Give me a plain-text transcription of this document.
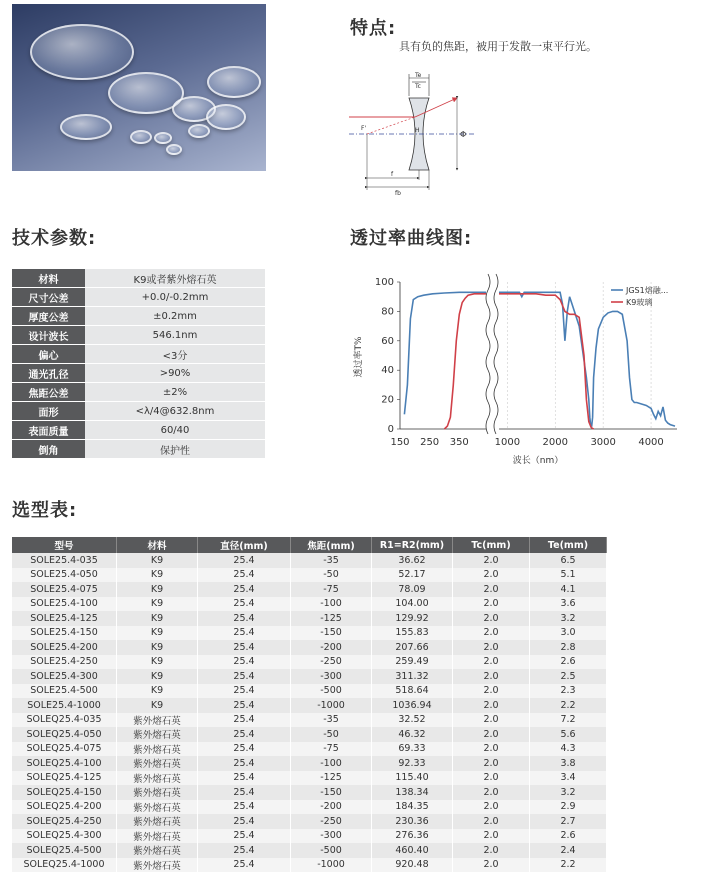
特点:
具有负的焦距，被用于发散一束平行光。
Te
Tc
Φ
F'	H
f
fb
技术参数:
材料	K9或者紫外熔石英
尺寸公差	+0.0/-0.2mm
厚度公差	±0.2mm
设计波长	546.1nm
偏心	<3分
通光孔径	>90%
焦距公差	±2%
面形	<λ/4@632.8nm
表面质量	60/40
倒角	保护性
透过率曲线图:
0
20
40
60
80
100
150 250 350	1000 2000 3000 4000
JGS1熔融...
K9玻璃
波长（nm）
透过率T%
选型表:
型号	材料	直径(mm)	焦距(mm)	R1=R2(mm)	Tc(mm)	Te(mm)
SOLE25.4-035	K9	25.4	-35	36.62	2.0	6.5
SOLE25.4-050	K9	25.4	-50	52.17	2.0	5.1
SOLE25.4-075	K9	25.4	-75	78.09	2.0	4.1
SOLE25.4-100	K9	25.4	-100	104.00	2.0	3.6
SOLE25.4-125	K9	25.4	-125	129.92	2.0	3.2
SOLE25.4-150	K9	25.4	-150	155.83	2.0	3.0
SOLE25.4-200	K9	25.4	-200	207.66	2.0	2.8
SOLE25.4-250	K9	25.4	-250	259.49	2.0	2.6
SOLE25.4-300	K9	25.4	-300	311.32	2.0	2.5
SOLE25.4-500	K9	25.4	-500	518.64	2.0	2.3
SOLE25.4-1000	K9	25.4	-1000	1036.94	2.0	2.2
SOLEQ25.4-035	紫外熔石英	25.4	-35	32.52	2.0	7.2
SOLEQ25.4-050	紫外熔石英	25.4	-50	46.32	2.0	5.6
SOLEQ25.4-075	紫外熔石英	25.4	-75	69.33	2.0	4.3
SOLEQ25.4-100	紫外熔石英	25.4	-100	92.33	2.0	3.8
SOLEQ25.4-125	紫外熔石英	25.4	-125	115.40	2.0	3.4
SOLEQ25.4-150	紫外熔石英	25.4	-150	138.34	2.0	3.2
SOLEQ25.4-200	紫外熔石英	25.4	-200	184.35	2.0	2.9
SOLEQ25.4-250	紫外熔石英	25.4	-250	230.36	2.0	2.7
SOLEQ25.4-300	紫外熔石英	25.4	-300	276.36	2.0	2.6
SOLEQ25.4-500	紫外熔石英	25.4	-500	460.40	2.0	2.4
SOLEQ25.4-1000	紫外熔石英	25.4	-1000	920.48	2.0	2.2
